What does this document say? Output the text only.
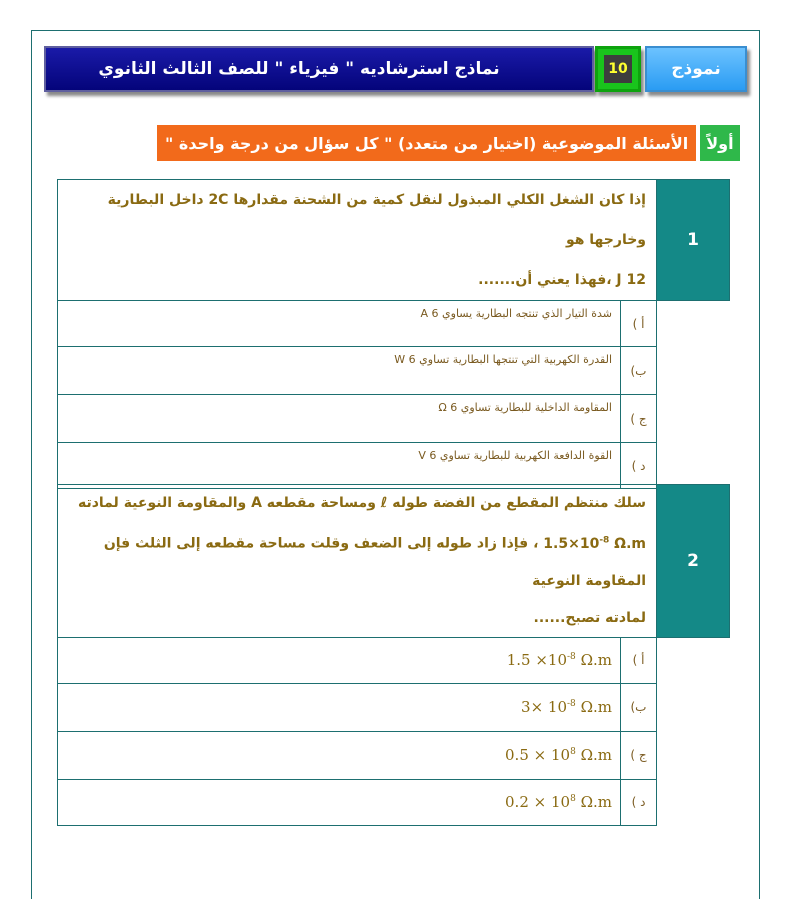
نماذج استرشاديه " فيزياء " للصف الثالث الثانوي	10	نموذج
أولاً
الأسئلة الموضوعية (اختيار من متعدد) " كل سؤال من درجة واحدة "
1	إذا كان الشغل الكلي المبذول لنقل كمية من الشحنة مقدارها 2C داخل البطارية وخارجها هو
12 J ،فهذا يعني أن.......	

	أ )	شدة التيار الذي تنتجه البطارية يساوي 6 A
	ب)	القدرة الكهربية التي تنتجها البطارية تساوي 6 W
	ج )	المقاومة الداخلية للبطارية تساوي 6 Ω
	د )	القوة الدافعة الكهربية للبطارية تساوي 6 V
2	سلك منتظم المقطع من الفضة طوله ℓ ومساحة مقطعه A والمقاومة النوعية لمادته
$1.5\times 10^{-8}$ Ω.m ، فإذا زاد طوله إلى الضعف وقلت مساحة مقطعه إلى الثلث فإن المقاومة النوعية
لمادته تصبح......	

	أ )	$1.5 \times 10^{-8}$ Ω.m
	ب)	$3\times 10^{-8}$ Ω.m
	ج )	$0.5 \times 10^8$ Ω.m
	د )	$0.2 \times 10^8$ Ω.m
